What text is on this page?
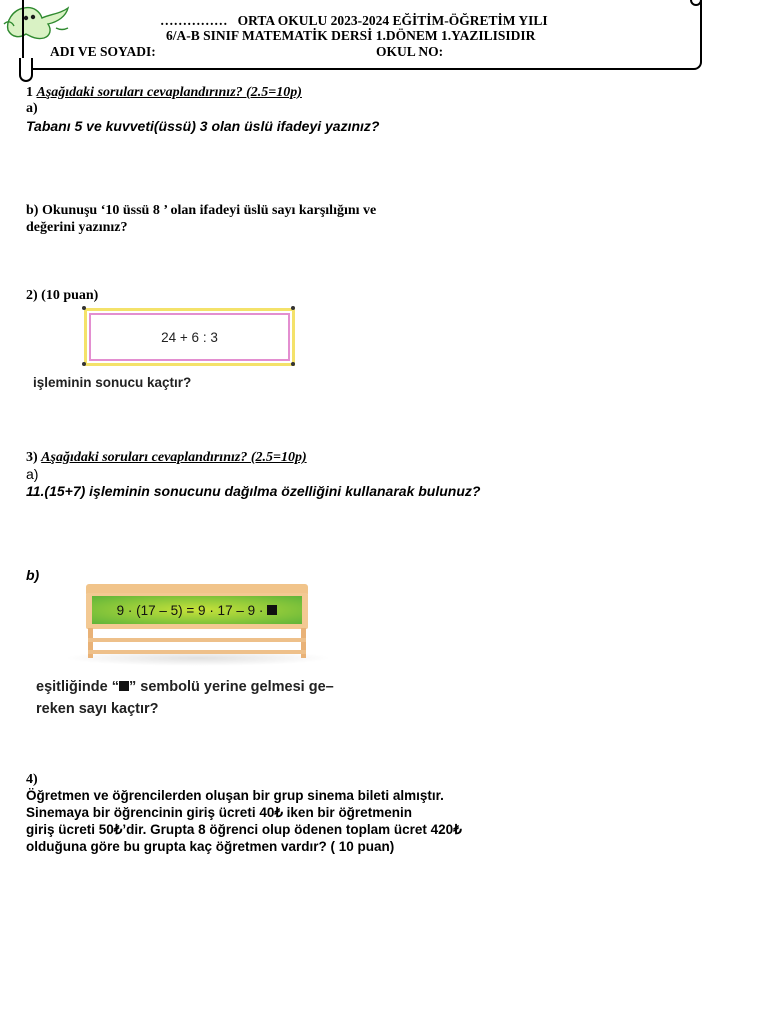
…………… ORTA OKULU 2023-2024 EĞİTİM-ÖĞRETİM YILI
6/A-B SINIF MATEMATİK DERSİ 1.DÖNEM 1.YAZILISIDIR
ADI VE SOYADI:	OKUL NO:
1 Aşağıdaki soruları cevaplandırınız? (2.5=10p)
a)
Tabanı 5 ve kuvveti(üssü) 3 olan üslü ifadeyi yazınız?
b) Okunuşu ‘10 üssü 8 ’ olan ifadeyi üslü sayı karşılığını ve
değerini yazınız?
2) (10 puan)
24 + 6 : 3
işleminin sonucu kaçtır?
3) Aşağıdaki soruları cevaplandırınız? (2.5=10p)
a)
11.(15+7) işleminin sonucunu dağılma özelliğini kullanarak bulunuz?
b)
9 · (17 – 5) = 9 · 17 – 9 ·
eşitliğinde “ ” sembolü yerine gelmesi ge–
reken sayı kaçtır?
4)
Öğretmen ve öğrencilerden oluşan bir grup sinema bileti almıştır.
Sinemaya bir öğrencinin giriş ücreti 40₺ iken bir öğretmenin
giriş ücreti 50₺’dir. Grupta 8 öğrenci olup ödenen toplam ücret 420₺
olduğuna göre bu grupta kaç öğretmen vardır? ( 10 puan)
